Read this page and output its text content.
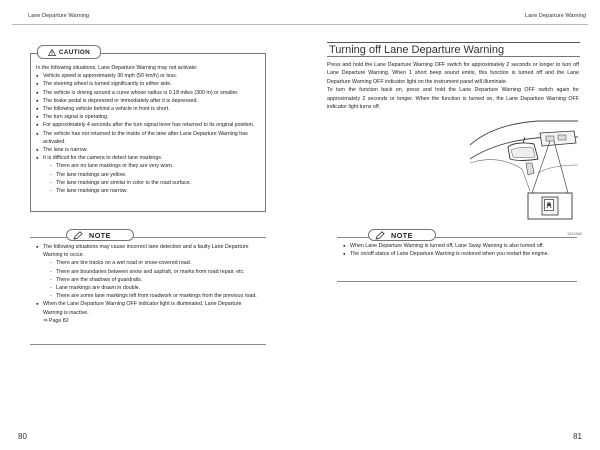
Lane Departure Warning	Lane Departure Warning
In the following situations, Lane Departure Warning may not activate:
● Vehicle speed is approximately 30 mph (50 km/h) or less.
● The steering wheel is turned significantly to either side.
● The vehicle is driving around a curve whose radius is 0.18 miles (300 m) or smaller.
● The brake pedal is depressed or immediately after it is depressed.
● The following vehicle behind a vehicle in front is short.
● The turn signal is operating.
● For approximately 4 seconds after the turn signal lever has returned to its original position.
● The vehicle has not returned to the inside of the lane after Lane Departure Warning has activated.
● The lane is narrow.
● It is difficult for the camera to detect lane markings.
- There are no lane markings or they are very worn.
- The lane markings are yellow.
- The lane markings are similar in color to the road surface.
- The lane markings are narrow.
CAUTION
● The following situations may cause incorrect lane detection and a faulty Lane Departure Warning to occur.
- There are tire tracks on a wet road or snow-covered road.
- There are boundaries between snow and asphalt, or marks from road repair, etc.
- There are the shadows of guardrails.
- Lane markings are drawn in double.
- There are some lane markings left from roadwork or markings from the previous road.
● When the Lane Departure Warning OFF indicator light is illuminated, Lane Departure Warning is inactive.
⇒ Page 82
NOTE
Turning off Lane Departure Warning

Press and hold the Lane Departure Warning OFF switch for approximately 2 seconds or longer to turn off Lane Departure Warning. When 1 short beep sound emits, this function is turned off and the Lane Departure Warning OFF indicator light on the instrument panel will illuminate.

To turn the function back on, press and hold the Lane Departure Warning OFF switch again for approximately 2 seconds or longer. When the function is turned on, the Lane Departure Warning OFF indicator light turns off.

1012366
● When Lane Departure Warning is turned off, Lane Sway Warning is also turned off.
● The on/off status of Lane Departure Warning is restored when you restart the engine.
NOTE
80	81
